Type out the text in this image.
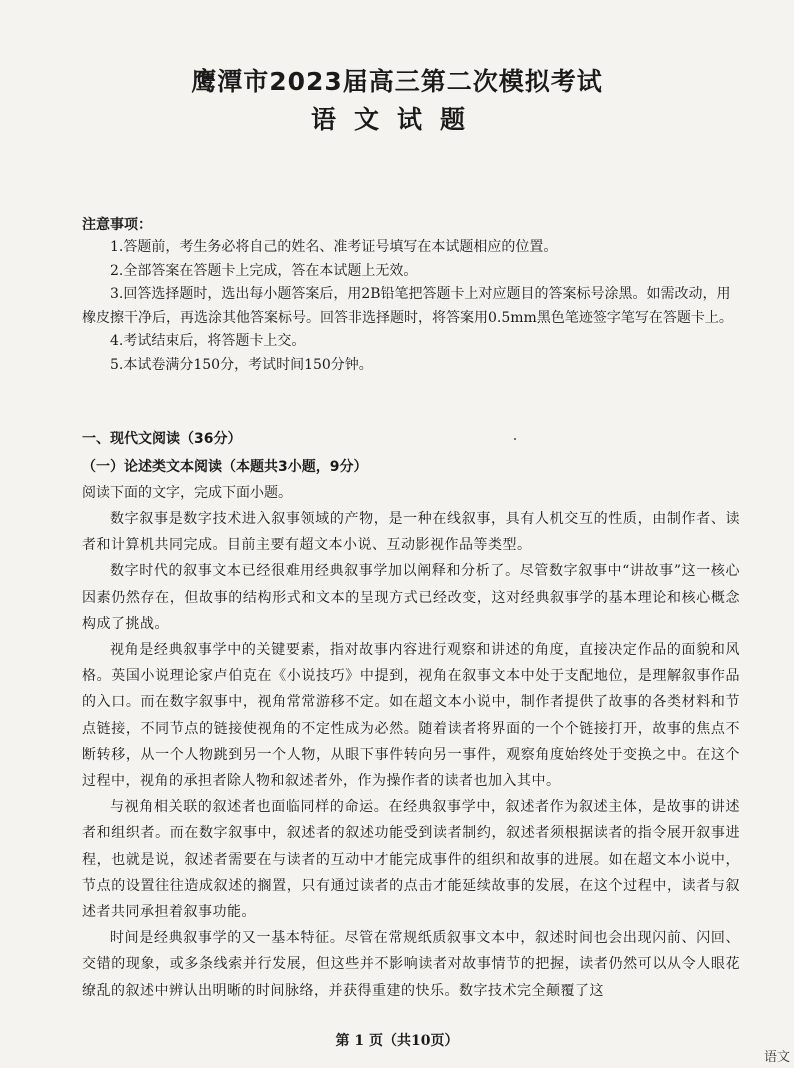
鹰潭市2023届高三第二次模拟考试
语文试题
注意事项：

1.答题前，考生务必将自己的姓名、准考证号填写在本试题相应的位置。

2.全部答案在答题卡上完成，答在本试题上无效。

3.回答选择题时，选出每小题答案后，用2B铅笔把答题卡上对应题目的答案标号涂黑。如需改动，用橡皮擦干净后，再选涂其他答案标号。回答非选择题时，将答案用0.5mm黑色笔迹签字笔写在答题卡上。

4.考试结束后，将答题卡上交。

5.本试卷满分150分，考试时间150分钟。

一、现代文阅读（36分）
（一）论述类文本阅读（本题共3小题，9分）
阅读下面的文字，完成下面小题。

数字叙事是数字技术进入叙事领域的产物，是一种在线叙事，具有人机交互的性质，由制作者、读者和计算机共同完成。目前主要有超文本小说、互动影视作品等类型。

数字时代的叙事文本已经很难用经典叙事学加以阐释和分析了。尽管数字叙事中“讲故事”这一核心因素仍然存在，但故事的结构形式和文本的呈现方式已经改变，这对经典叙事学的基本理论和核心概念构成了挑战。

视角是经典叙事学中的关键要素，指对故事内容进行观察和讲述的角度，直接决定作品的面貌和风格。英国小说理论家卢伯克在《小说技巧》中提到，视角在叙事文本中处于支配地位，是理解叙事作品的入口。而在数字叙事中，视角常常游移不定。如在超文本小说中，制作者提供了故事的各类材料和节点链接，不同节点的链接使视角的不定性成为必然。随着读者将界面的一个个链接打开，故事的焦点不断转移，从一个人物跳到另一个人物，从眼下事件转向另一事件，观察角度始终处于变换之中。在这个过程中，视角的承担者除人物和叙述者外，作为操作者的读者也加入其中。

与视角相关联的叙述者也面临同样的命运。在经典叙事学中，叙述者作为叙述主体，是故事的讲述者和组织者。而在数字叙事中，叙述者的叙述功能受到读者制约，叙述者须根据读者的指令展开叙事进程，也就是说，叙述者需要在与读者的互动中才能完成事件的组织和故事的进展。如在超文本小说中，节点的设置往往造成叙述的搁置，只有通过读者的点击才能延续故事的发展，在这个过程中，读者与叙述者共同承担着叙事功能。

时间是经典叙事学的又一基本特征。尽管在常规纸质叙事文本中，叙述时间也会出现闪前、闪回、交错的现象，或多条线索并行发展，但这些并不影响读者对故事情节的把握，读者仍然可以从令人眼花缭乱的叙述中辨认出明晰的时间脉络，并获得重建的快乐。数字技术完全颠覆了这

第 1 页（共10页）
语文
